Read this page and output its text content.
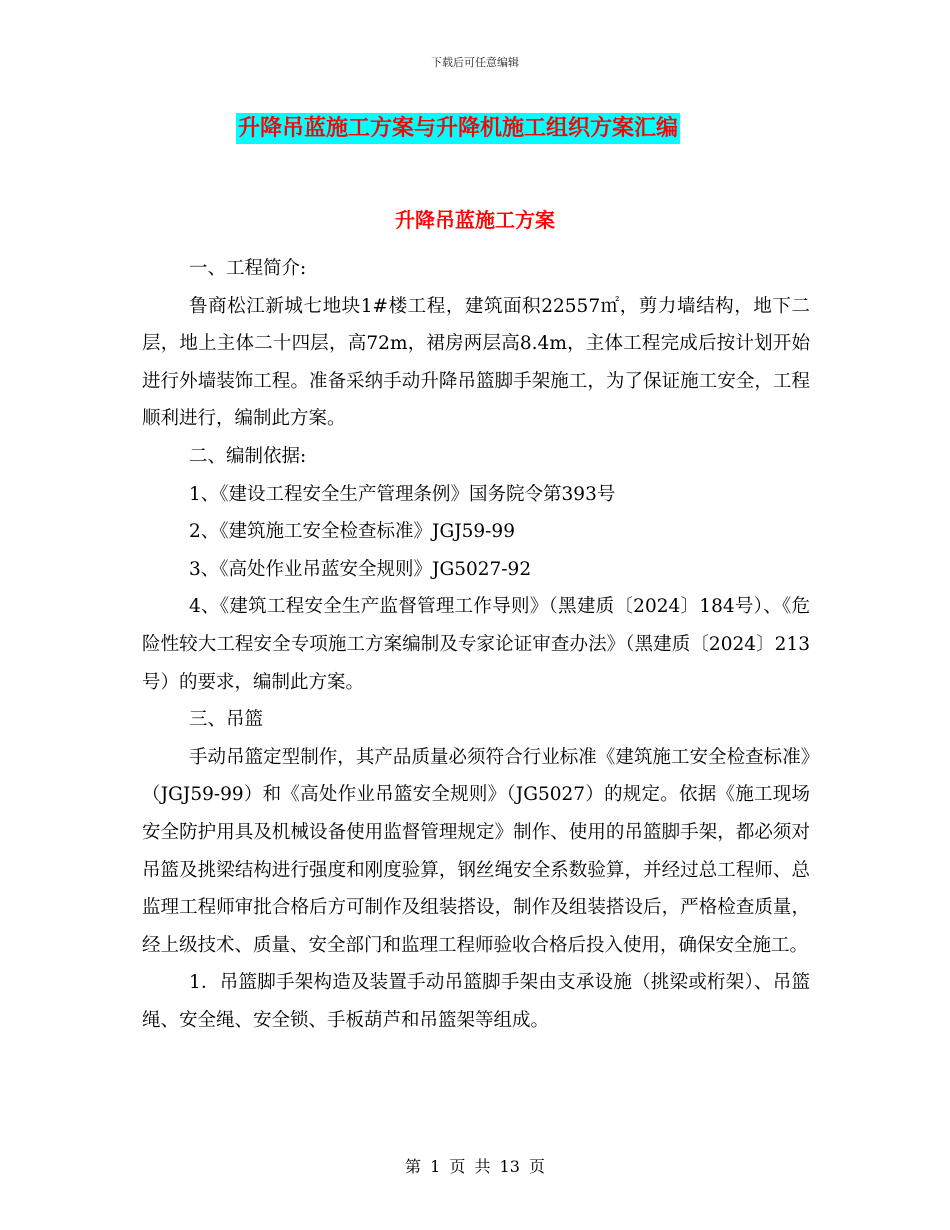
下载后可任意编辑
升降吊蓝施工方案与升降机施工组织方案汇编
升降吊蓝施工方案

一、工程简介:

鲁商松江新城七地块1#楼工程，建筑面积22557㎡，剪力墙结构，地下二层，地上主体二十四层，高72m，裙房两层高8.4m，主体工程完成后按计划开始进行外墙装饰工程。准备采纳手动升降吊篮脚手架施工，为了保证施工安全，工程顺利进行，编制此方案。

二、编制依据:

1、《建设工程安全生产管理条例》国务院令第393号

2、《建筑施工安全检查标准》JGJ59-99

3、《高处作业吊蓝安全规则》JG5027-92

4、《建筑工程安全生产监督管理工作导则》（黑建质〔2024〕184号）、《危险性较大工程安全专项施工方案编制及专家论证审查办法》（黑建质〔2024〕213号）的要求，编制此方案。

三、吊篮

手动吊篮定型制作，其产品质量必须符合行业标准《建筑施工安全检查标准》（JGJ59-99）和《高处作业吊篮安全规则》（JG5027）的规定。依据《施工现场安全防护用具及机械设备使用监督管理规定》制作、使用的吊篮脚手架，都必须对吊篮及挑梁结构进行强度和刚度验算，钢丝绳安全系数验算，并经过总工程师、总监理工程师审批合格后方可制作及组装搭设，制作及组装搭设后，严格检查质量，经上级技术、质量、安全部门和监理工程师验收合格后投入使用，确保安全施工。

1．吊篮脚手架构造及装置手动吊篮脚手架由支承设施（挑梁或桁架）、吊篮绳、安全绳、安全锁、手板葫芦和吊篮架等组成。

第 1 页 共 13 页
